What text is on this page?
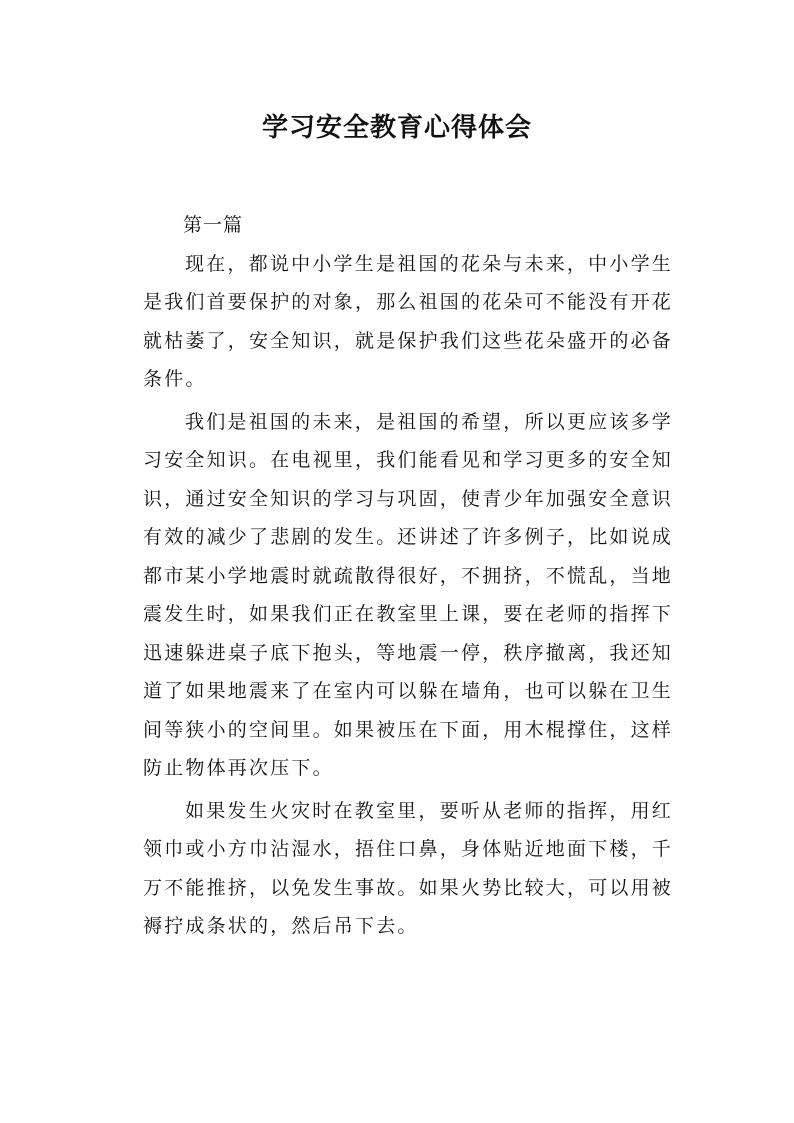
学习安全教育心得体会

第一篇

现在，都说中小学生是祖国的花朵与未来，中小学生是我们首要保护的对象，那么祖国的花朵可不能没有开花就枯萎了，安全知识，就是保护我们这些花朵盛开的必备条件。

我们是祖国的未来，是祖国的希望，所以更应该多学习安全知识。在电视里，我们能看见和学习更多的安全知识，通过安全知识的学习与巩固，使青少年加强安全意识有效的减少了悲剧的发生。还讲述了许多例子，比如说成都市某小学地震时就疏散得很好，不拥挤，不慌乱，当地震发生时，如果我们正在教室里上课，要在老师的指挥下迅速躲进桌子底下抱头，等地震一停，秩序撤离，我还知道了如果地震来了在室内可以躲在墙角，也可以躲在卫生间等狭小的空间里。如果被压在下面，用木棍撑住，这样防止物体再次压下。

如果发生火灾时在教室里，要听从老师的指挥，用红领巾或小方巾沾湿水，捂住口鼻，身体贴近地面下楼，千万不能推挤，以免发生事故。如果火势比较大，可以用被褥拧成条状的，然后吊下去。
